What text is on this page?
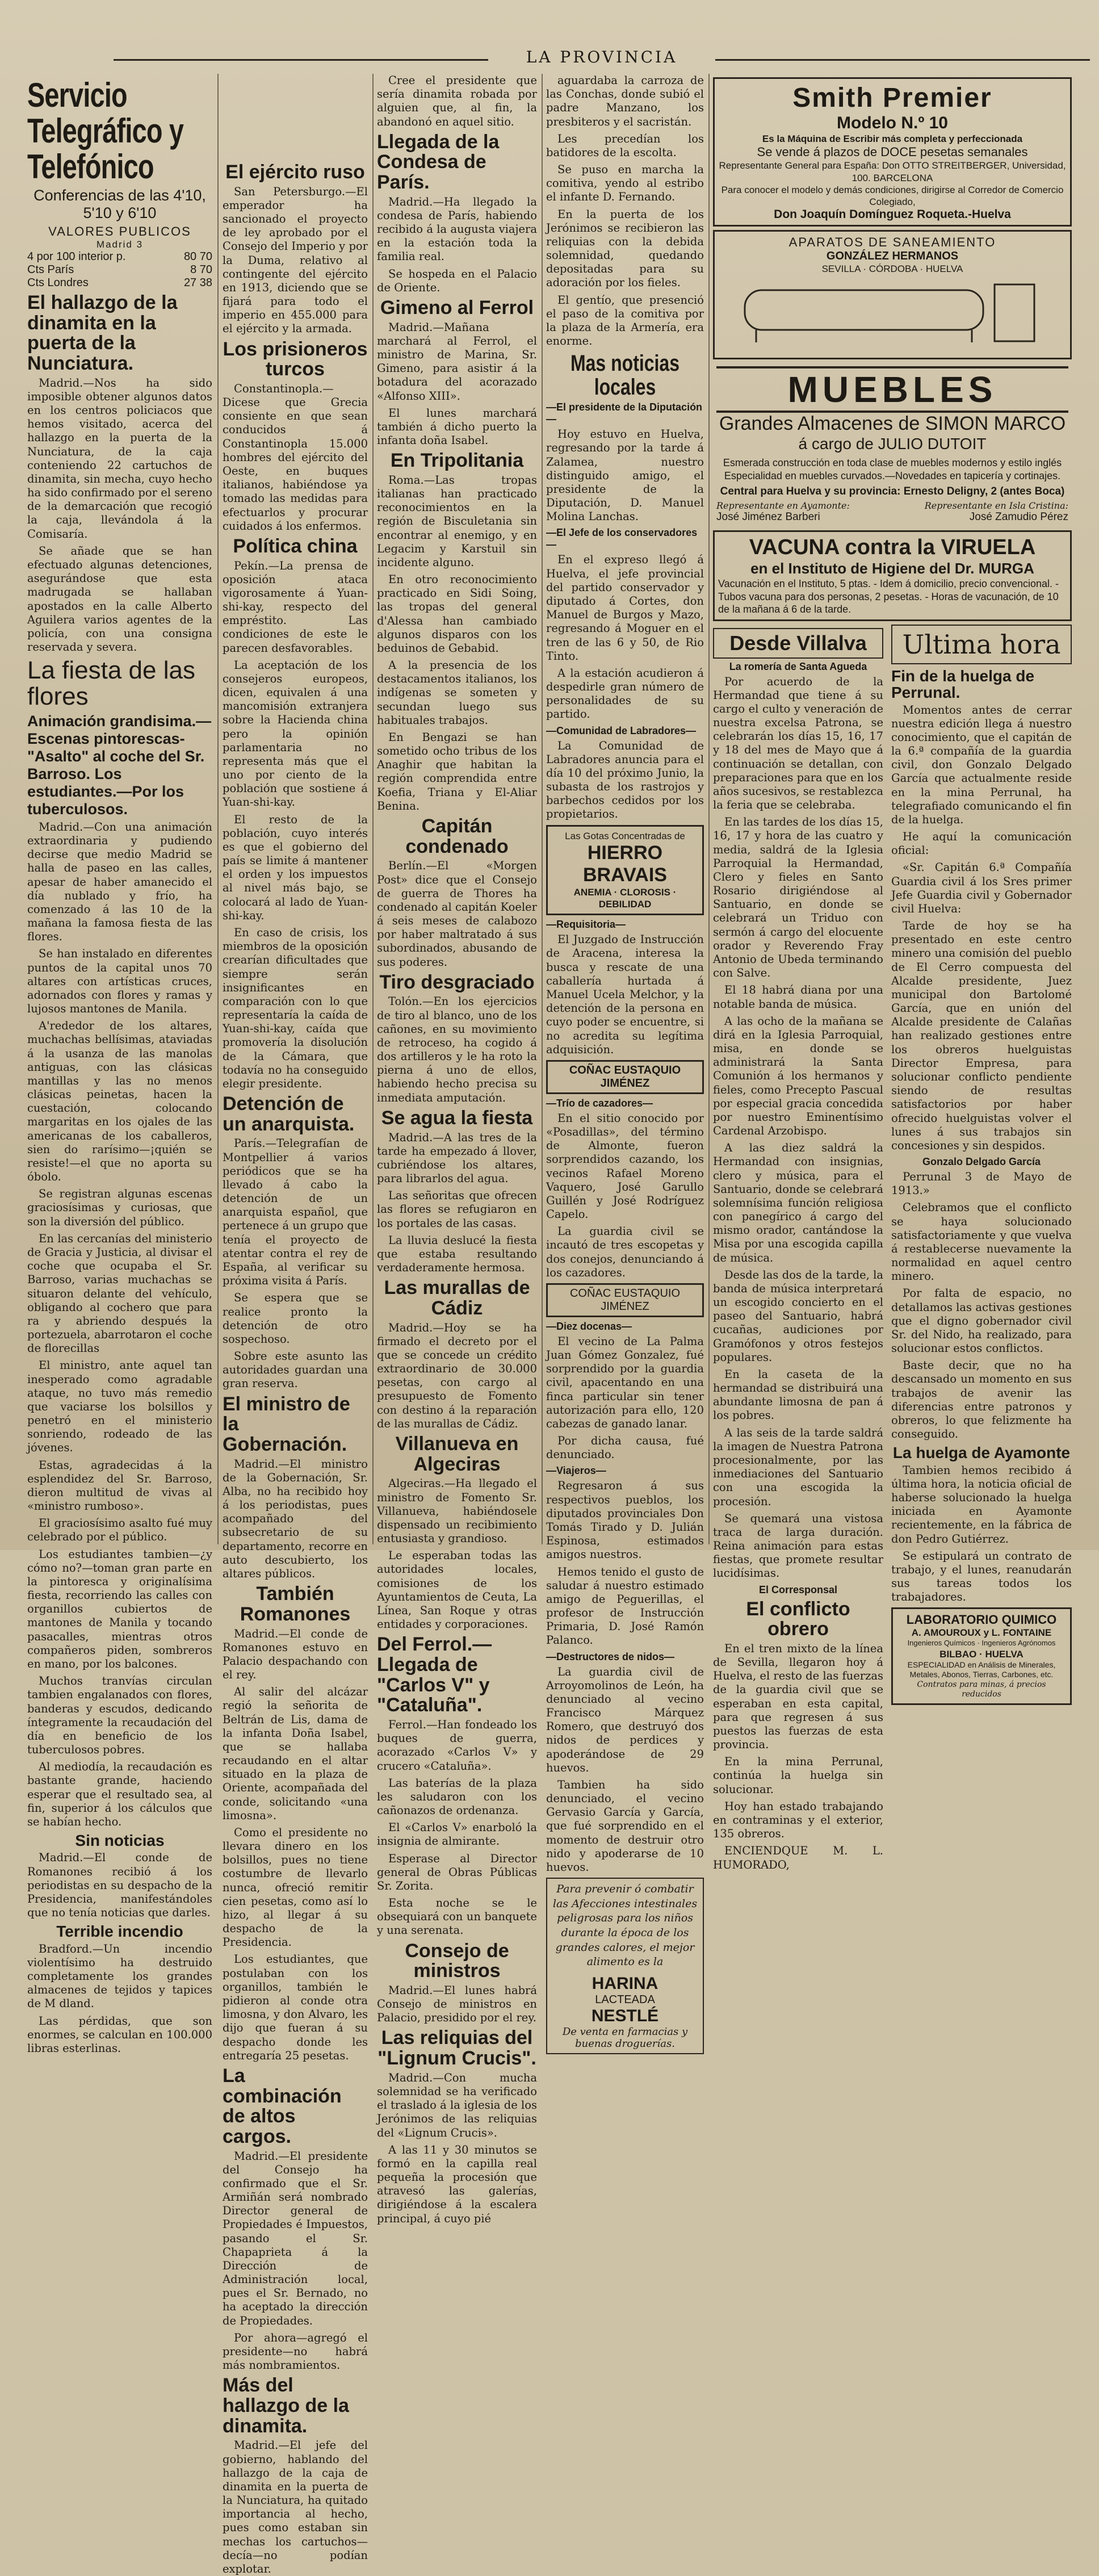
LA PROVINCIA
Servicio Telegráfico y Telefónico
Conferencias de las 4'10, 5'10 y 6'10
VALORES PUBLICOS
Madrid 3
4 por 100 interior p.	80 70
Cts París	8 70
Cts Londres	27 38
El hallazgo de la dinamita en la puerta de la Nunciatura.

Madrid.—Nos ha sido imposible obtener algunos datos en los centros policiacos que hemos visitado, acerca del hallazgo en la puerta de la Nunciatura, de la caja conteniendo 22 cartuchos de dinamita, sin mecha, cuyo hecho ha sido confirmado por el sereno de la demarcación que recogió la caja, llevándola á la Comisaría.

Se añade que se han efectuado algunas detenciones, asegurándose que esta madrugada se hallaban apostados en la calle Alberto Aguilera varios agentes de la policía, con una consigna reservada y severa.

La fiesta de las flores
Animación grandisima.—Escenas pintorescas-"Asalto" al coche del Sr. Barroso. Los estudiantes.—Por los tuberculosos.

Madrid.—Con una animación extraordinaria y pudiendo decirse que medio Madrid se halla de paseo en las calles, apesar de haber amanecido el día nublado y frío, ha comenzado á las 10 de la mañana la famosa fiesta de las flores.

Se han instalado en diferentes puntos de la capital unos 70 altares con artísticas cruces, adornados con flores y ramas y lujosos mantones de Manila.

A'rededor de los altares, muchachas bellísimas, ataviadas á la usanza de las manolas antiguas, con las clásicas mantillas y las no menos clásicas peinetas, hacen la cuestación, colocando margaritas en los ojales de las americanas de los caballeros, sien do rarísimo—¡quién se resiste!—el que no aporta su óbolo.

Se registran algunas escenas graciosísimas y curiosas, que son la diversión del público.

En las cercanías del ministerio de Gracia y Justicia, al divisar el coche que ocupaba el Sr. Barroso, varias muchachas se situaron delante del vehículo, obligando al cochero que para ra y abriendo después la portezuela, abarrotaron el coche de florecillas

El ministro, ante aquel tan inesperado como agradable ataque, no tuvo más remedio que vaciarse los bolsillos y penetró en el ministerio sonriendo, rodeado de las jóvenes.

Estas, agradecidas á la esplendidez del Sr. Barroso, dieron multitud de vivas al «ministro rumboso».

El graciosísimo asalto fué muy celebrado por el público.

Los estudiantes tambien—¿y cómo no?—toman gran parte en la pintoresca y originalísima fiesta, recorriendo las calles con organillos cubiertos de mantones de Manila y tocando pasacalles, mientras otros compañeros piden, sombreros en mano, por los balcones.

Muchos tranvías circulan tambien engalanados con flores, banderas y escudos, dedicando íntegramente la recaudación del día en beneficio de los tuberculosos pobres.

Al mediodía, la recaudación es bastante grande, haciendo esperar que el resultado sea, al fin, superior á los cálculos que se habían hecho.

Sin noticias

Madrid.—El conde de Romanones recibió á los periodistas en su despacho de la Presidencia, manifestándoles que no tenía noticias que darles.

Terrible incendio

Bradford.—Un incendio violentísimo ha destruido completamente los grandes almacenes de tejidos y tapices de M dland.

Las pérdidas, que son enormes, se calculan en 100.000 libras esterlinas.

El ejército ruso

San Petersburgo.—El emperador ha sancionado el proyecto de ley aprobado por el Consejo del Imperio y por la Duma, relativo al contingente del ejército en 1913, diciendo que se fijará para todo el imperio en 455.000 para el ejército y la armada.

Los prisioneros turcos

Constantinopla.—Dicese que Grecia consiente en que sean conducidos á Constantinopla 15.000 hombres del ejército del Oeste, en buques italianos, habiéndose ya tomado las medidas para efectuarlos y procurar cuidados á los enfermos.

Política china

Pekín.—La prensa de oposición ataca vigorosamente á Yuan-shi-kay, respecto del empréstito. Las condiciones de este le parecen desfavorables.

La aceptación de los consejeros europeos, dicen, equivalen á una mancomisión extranjera sobre la Hacienda china pero la opinión parlamentaria no representa más que el uno por ciento de la población que sostiene á Yuan-shi-kay.

El resto de la población, cuyo interés es que el gobierno del país se limite á mantener el orden y los impuestos al nivel más bajo, se colocará al lado de Yuan-shi-kay.

En caso de crisis, los miembros de la oposición crearían dificultades que siempre serán insignificantes en comparación con lo que representaría la caída de Yuan-shi-kay, caída que promovería la disolución de la Cámara, que todavía no ha conseguido elegir presidente.

Detención de un anarquista.

París.—Telegrafían de Montpellier á varios periódicos que se ha llevado á cabo la detención de un anarquista español, que pertenece á un grupo que tenía el proyecto de atentar contra el rey de España, al verificar su próxima visita á París.

Se espera que se realice pronto la detención de otro sospechoso.

Sobre este asunto las autoridades guardan una gran reserva.

El ministro de la Gobernación.

Madrid.—El ministro de la Gobernación, Sr. Alba, no ha recibido hoy á los periodistas, pues acompañado del subsecretario de su departamento, recorre en auto descubierto, los altares públicos.

También Romanones

Madrid.—El conde de Romanones estuvo en Palacio despachando con el rey.

Al salir del alcázar regió la señorita de Beltrán de Lis, dama de la infanta Doña Isabel, que se hallaba recaudando en el altar situado en la plaza de Oriente, acompañada del conde, solicitando «una limosna».

Como el presidente no llevara dinero en los bolsillos, pues no tiene costumbre de llevarlo nunca, ofreció remitir cien pesetas, como así lo hizo, al llegar á su despacho de la Presidencia.

Los estudiantes, que postulaban con los organillos, también le pidieron al conde otra limosna, y don Alvaro, les dijo que fueran á su despacho donde les entregaría 25 pesetas.

La combinación de altos cargos.

Madrid.—El presidente del Consejo ha confirmado que el Sr. Armiñán será nombrado Director general de Propiedades é Impuestos, pasando el Sr. Chapaprieta á la Dirección de Administración local, pues el Sr. Bernado, no ha aceptado la dirección de Propiedades.

Por ahora—agregó el presidente—no habrá más nombramientos.

Más del hallazgo de la dinamita.

Madrid.—El jefe del gobierno, hablando del hallazgo de la caja de dinamita en la puerta de la Nunciatura, ha quitado importancia al hecho, pues como estaban sin mechas los cartuchos—decía—no podían explotar.

Cree el presidente que sería dinamita robada por alguien que, al fin, la abandonó en aquel sitio.

Llegada de la Condesa de París.

Madrid.—Ha llegado la condesa de París, habiendo recibido á la augusta viajera en la estación toda la familia real.

Se hospeda en el Palacio de Oriente.

Gimeno al Ferrol

Madrid.—Mañana marchará al Ferrol, el ministro de Marina, Sr. Gimeno, para asistir á la botadura del acorazado «Alfonso XIII».

El lunes marchará también á dicho puerto la infanta doña Isabel.

En Tripolitania

Roma.—Las tropas italianas han practicado reconocimientos en la región de Bisculetania sin encontrar al enemigo, y en Legacim y Karstuil sin incidente alguno.

En otro reconocimiento practicado en Sidi Soing, las tropas del general d'Alessa han cambiado algunos disparos con los beduinos de Gebabid.

A la presencia de los destacamentos italianos, los indígenas se someten y secundan luego sus habituales trabajos.

En Bengazi se han sometido ocho tribus de los Anaghir que habitan la región comprendida entre Koefia, Triana y El-Aliar Benina.

Capitán condenado

Berlín.—El «Morgen Post» dice que el Consejo de guerra de Thores ha condenado al capitán Koeler á seis meses de calabozo por haber maltratado á sus subordinados, abusando de sus poderes.

Tiro desgraciado

Tolón.—En los ejercicios de tiro al blanco, uno de los cañones, en su movimiento de retroceso, ha cogido á dos artilleros y le ha roto la pierna á uno de ellos, habiendo hecho precisa su inmediata amputación.

Se agua la fiesta

Madrid.—A las tres de la tarde ha empezado á llover, cubriéndose los altares, para librarlos del agua.

Las señoritas que ofrecen las flores se refugiaron en los portales de las casas.

La lluvia deslucé la fiesta que estaba resultando verdaderamente hermosa.

Las murallas de Cádiz

Madrid.—Hoy se ha firmado el decreto por el que se concede un crédito extraordinario de 30.000 pesetas, con cargo al presupuesto de Fomento con destino á la reparación de las murallas de Cádiz.

Villanueva en Algeciras

Algeciras.—Ha llegado el ministro de Fomento Sr. Villanueva, habiéndosele dispensado un recibimiento entusiasta y grandioso.

Le esperaban todas las autoridades locales, comisiones de los Ayuntamientos de Ceuta, La Línea, San Roque y otras entidades y corporaciones.

Del Ferrol.—Llegada de "Carlos V" y "Cataluña".

Ferrol.—Han fondeado los buques de guerra, acorazado «Carlos V» y crucero «Cataluña».

Las baterías de la plaza les saludaron con los cañonazos de ordenanza.

El «Carlos V» enarboló la insignia de almirante.

Esperase al Director general de Obras Públicas Sr. Zorita.

Esta noche se le obsequiará con un banquete y una serenata.

Consejo de ministros

Madrid.—El lunes habrá Consejo de ministros en Palacio, presidido por el rey.

Las reliquias del "Lignum Crucis".

Madrid.—Con mucha solemnidad se ha verificado el traslado á la iglesia de los Jerónimos de las reliquias del «Lignum Crucis».

A las 11 y 30 minutos se formó en la capilla real pequeña la procesión que atravesó las galerías, dirigiéndose á la escalera principal, á cuyo pié

aguardaba la carroza de las Conchas, donde subió el padre Manzano, los presbiteros y el sacristán.

Les precedían los batidores de la escolta.

Se puso en marcha la comitiva, yendo al estribo el infante D. Fernando.

En la puerta de los Jerónimos se recibieron las reliquias con la debida solemnidad, quedando depositadas para su adoración por los fieles.

El gentío, que presenció el paso de la comitiva por la plaza de la Armería, era enorme.

Mas noticias locales
—El presidente de la Diputación—

Hoy estuvo en Huelva, regresando por la tarde á Zalamea, nuestro distinguido amigo, el presidente de la Diputación, D. Manuel Molina Lanchas.

—El Jefe de los conservadores—

En el expreso llegó á Huelva, el jefe provincial del partido conservador y diputado á Cortes, don Manuel de Burgos y Mazo, regresando á Moguer en el tren de las 6 y 50, de Rio Tinto.

A la estación acudieron á despedirle gran número de personalidades de su partido.

—Comunidad de Labradores—

La Comunidad de Labradores anuncia para el día 10 del próximo Junio, la subasta de los rastrojos y barbechos cedidos por los propietarios.

Las Gotas Concentradas de
HIERRO BRAVAIS
ANEMIA · CLOROSIS · DEBILIDAD
—Requisitoria—

El Juzgado de Instrucción de Aracena, interesa la busca y rescate de una caballería hurtada á Manuel Ucela Melchor, y la detención de la persona en cuyo poder se encuentre, si no acredita su legítima adquisición.

COÑAC EUSTAQUIO JIMÉNEZ
—Trío de cazadores—

En el sitio conocido por «Posadillas», del término de Almonte, fueron sorprendidos cazando, los vecinos Rafael Moreno Vaquero, José Garullo Guillén y José Rodríguez Capelo.

La guardia civil se incautó de tres escopetas y dos conejos, denunciando á los cazadores.

COÑAC EUSTAQUIO JIMÉNEZ
—Diez docenas—

El vecino de La Palma Juan Gómez Gonzalez, fué sorprendido por la guardia civil, apacentando en una finca particular sin tener autorización para ello, 120 cabezas de ganado lanar.

Por dicha causa, fué denunciado.

—Viajeros—

Regresaron á sus respectivos pueblos, los diputados provinciales Don Tomás Tirado y D. Julián Espinosa, estimados amigos nuestros.

Hemos tenido el gusto de saludar á nuestro estimado amigo de Peguerillas, el profesor de Instrucción Primaria, D. José Ramón Palanco.

—Destructores de nidos—

La guardia civil de Arroyomolinos de León, ha denunciado al vecino Francisco Márquez Romero, que destruyó dos nidos de perdices y apoderándose de 29 huevos.

Tambien ha sido denunciado, el vecino Gervasio García y García, que fué sorprendido en el momento de destruir otro nido y apoderarse de 10 huevos.

Para prevenir ó combatir las Afecciones intestinales peligrosas para los niños durante la época de los grandes calores, el mejor alimento es la
HARINA
LACTEADA
NESTLÉ
De venta en farmacias y buenas droguerías.
Smith Premier
Modelo N.º 10
Es la Máquina de Escribir más completa y perfeccionada
Se vende á plazos de DOCE pesetas semanales
Representante General para España: Don OTTO STREITBERGER, Universidad, 100. BARCELONA
Para conocer el modelo y demás condiciones, dirigirse al Corredor de Comercio Colegiado,
Don Joaquín Domínguez Roqueta.-Huelva
APARATOS DE SANEAMIENTO
GONZÁLEZ HERMANOS
SEVILLA · CÓRDOBA · HUELVA
MUEBLES
Grandes Almacenes de SIMON MARCO
á cargo de JULIO DUTOIT
Esmerada construcción en toda clase de muebles modernos y estilo inglés Especialidad en muebles curvados.—Novedades en tapicería y cortinajes.
Central para Huelva y su provincia: Ernesto Deligny, 2 (antes Boca)
Representante en Ayamonte:	Representante en Isla Cristina:
José Jiménez Barberi	José Zamudio Pérez
VACUNA contra la VIRUELA
en el Instituto de Higiene del Dr. MURGA
Vacunación en el Instituto, 5 ptas. - Idem á domicilio, precio convencional. - Tubos vacuna para dos personas, 2 pesetas. - Horas de vacunación, de 10 de la mañana á 6 de la tarde.
Desde Villalva
La romería de Santa Agueda

Por acuerdo de la Hermandad que tiene á su cargo el culto y veneración de nuestra excelsa Patrona, se celebrarán los días 15, 16, 17 y 18 del mes de Mayo que á continuación se detallan, con preparaciones para que en los años sucesivos, se restablezca la feria que se celebraba.

En las tardes de los días 15, 16, 17 y hora de las cuatro y media, saldrá de la Iglesia Parroquial la Hermandad, Clero y fieles en Santo Rosario dirigiéndose al Santuario, en donde se celebrará un Triduo con sermón á cargo del elocuente orador y Reverendo Fray Antonio de Ubeda terminando con Salve.

El 18 habrá diana por una notable banda de música.

A las ocho de la mañana se dirá en la Iglesia Parroquial, misa, en donde se administrará la Santa Comunión á los hermanos y fieles, como Precepto Pascual por especial gracia concedida por nuestro Eminentísimo Cardenal Arzobispo.

A las diez saldrá la Hermandad con insignias, clero y música, para el Santuario, donde se celebrará solemnísima función religiosa con panegírico á cargo del mismo orador, cantándose la Misa por una escogida capilla de música.

Desde las dos de la tarde, la banda de música interpretará un escogido concierto en el paseo del Santuario, habrá cucañas, audiciones por Gramófonos y otros festejos populares.

En la caseta de la hermandad se distribuirá una abundante limosna de pan á los pobres.

A las seis de la tarde saldrá la imagen de Nuestra Patrona procesionalmente, por las inmediaciones del Santuario con una escogida la procesión.

Se quemará una vistosa traca de larga duración. Reina animación para estas fiestas, que promete resultar lucidísimas.

El Corresponsal
El conflicto obrero

En el tren mixto de la línea de Sevilla, llegaron hoy á Huelva, el resto de las fuerzas de la guardia civil que se esperaban en esta capital, para que regresen á sus puestos las fuerzas de esta provincia.

En la mina Perrunal, continúa la huelga sin solucionar.

Hoy han estado trabajando en contraminas y el exterior, 135 obreros.

ENCIENDQUE M. L. HUMORADO,

Ultima hora
Fin de la huelga de Perrunal.

Momentos antes de cerrar nuestra edición llega á nuestro conocimiento, que el capitán de la 6.ª compañía de la guardia civil, don Gonzalo Delgado García que actualmente reside en la mina Perrunal, ha telegrafiado comunicando el fin de la huelga.

He aquí la comunicación oficial:

«Sr. Capitán 6.ª Compañía Guardia civil á los Sres primer Jefe Guardia civil y Gobernador civil Huelva:

Tarde de hoy se ha presentado en este centro minero una comisión del pueblo de El Cerro compuesta del Alcalde presidente, Juez municipal don Bartolomé García, que en unión del Alcalde presidente de Calañas han realizado gestiones entre los obreros huelguistas Director Empresa, para solucionar conflicto pendiente siendo de resultas satisfactorios por haber ofrecido huelguistas volver el lunes á sus trabajos sin concesiones y sin despidos.

Gonzalo Delgado García

Perrunal 3 de Mayo de 1913.»

Celebramos que el conflicto se haya solucionado satisfactoriamente y que vuelva á restablecerse nuevamente la normalidad en aquel centro minero.

Por falta de espacio, no detallamos las activas gestiones que el digno gobernador civil Sr. del Nido, ha realizado, para solucionar estos conflictos.

Baste decir, que no ha descansado un momento en sus trabajos de avenir las diferencias entre patronos y obreros, lo que felizmente ha conseguido.

La huelga de Ayamonte

Tambien hemos recibido á última hora, la noticia oficial de haberse solucionado la huelga iniciada en Ayamonte recientemente, en la fábrica de don Pedro Gutiérrez.

Se estipulará un contrato de trabajo, y el lunes, reanudarán sus tareas todos los trabajadores.

LABORATORIO QUIMICO
A. AMOUROUX y L. FONTAINE
Ingenieros Químicos · Ingenieros Agrónomos
BILBAO · HUELVA
ESPECIALIDAD en Análisis de Minerales, Metales, Abonos, Tierras, Carbones, etc.
Contratos para minas, á precios reducidos
